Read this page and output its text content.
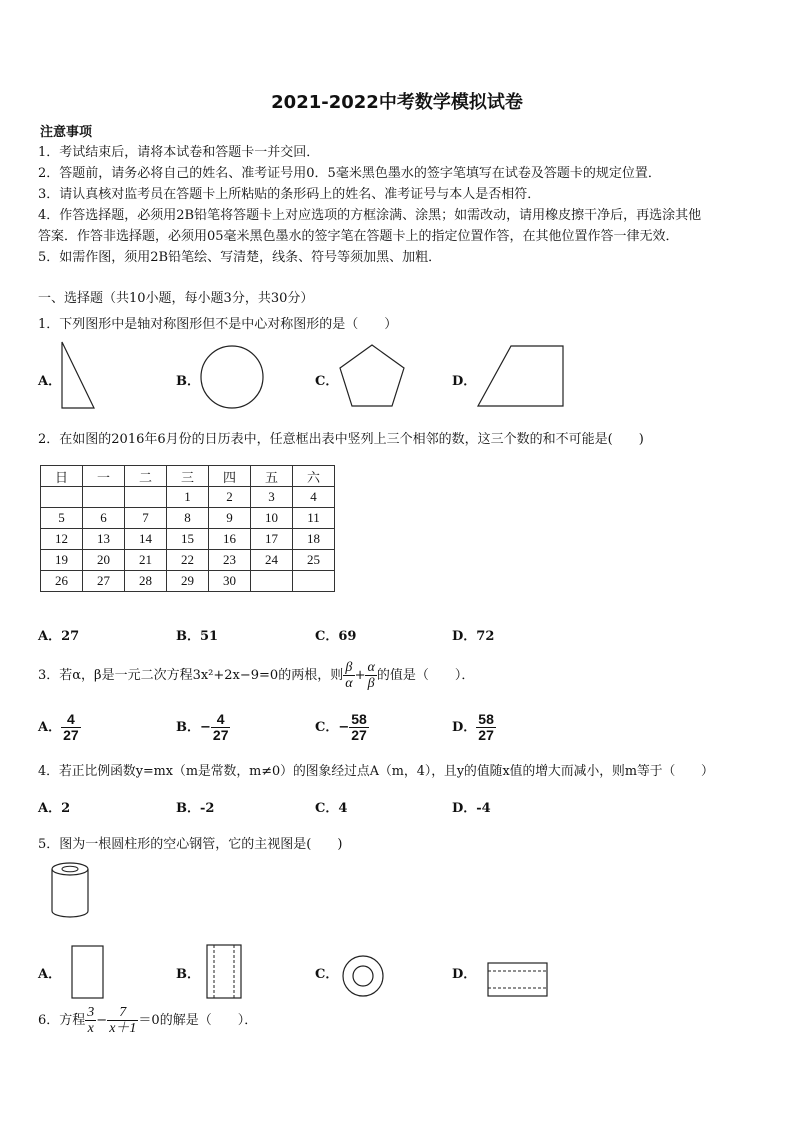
2021-2022中考数学模拟试卷
注意事项
1．考试结束后，请将本试卷和答题卡一并交回．
2．答题前，请务必将自己的姓名、准考证号用0．5毫米黑色墨水的签字笔填写在试卷及答题卡的规定位置．
3．请认真核对监考员在答题卡上所粘贴的条形码上的姓名、准考证号与本人是否相符．
4．作答选择题，必须用2B铅笔将答题卡上对应选项的方框涂满、涂黑；如需改动，请用橡皮擦干净后，再选涂其他
答案．作答非选择题，必须用05毫米黑色墨水的签字笔在答题卡上的指定位置作答，在其他位置作答一律无效．
5．如需作图，须用2B铅笔绘、写清楚，线条、符号等须加黑、加粗．
一、选择题（共10小题，每小题3分，共30分）
1．下列图形中是轴对称图形但不是中心对称图形的是（　　）
A．	B．	C．	D．
2．在如图的2016年6月份的日历表中，任意框出表中竖列上三个相邻的数，这三个数的和不可能是(　　)
日	一	二	三	四	五	六
			1	2	3	4
5	6	7	8	9	10	11
12	13	14	15	16	17	18
19	20	21	22	23	24	25
26	27	28	29	30		
A．27	B．51	C．69	D．72
3．若α，β是一元二次方程3x²+2x−9=0的两根，则 $\frac{\beta}{\alpha} + \frac{\alpha}{\beta}$ 的值是（　　）．
A． $\frac{4}{27}$	B．− $\frac{4}{27}$	C．− $\frac{58}{27}$	D． $\frac{58}{27}$
4．若正比例函数y=mx（m是常数，m≠0）的图象经过点A（m，4），且y的值随x值的增大而减小，则m等于（　　）
A．2	B．-2	C．4	D．-4
5．图为一根圆柱形的空心钢管，它的主视图是(　　)
A．	B．	C．	D．
6．方程 $\frac{3}{x} - \frac{7}{x+1} =0$的解是（　　）．
